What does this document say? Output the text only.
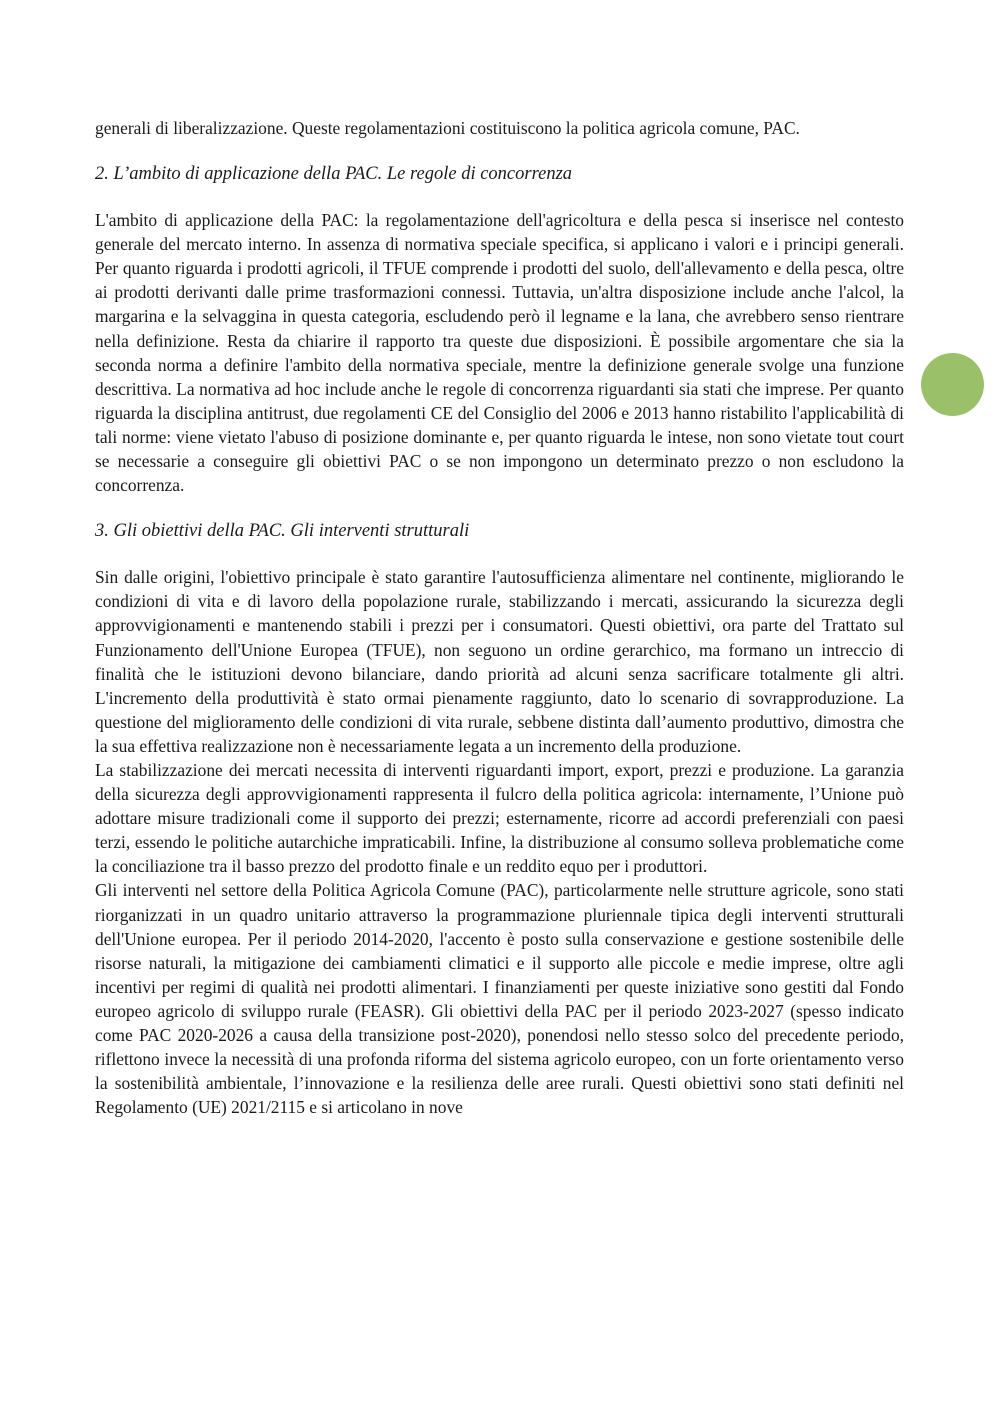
generali di liberalizzazione. Queste regolamentazioni costituiscono la politica agricola comune, PAC.

2. L’ambito di applicazione della PAC. Le regole di concorrenza

L'ambito di applicazione della PAC: la regolamentazione dell'agricoltura e della pesca si inserisce nel contesto generale del mercato interno. In assenza di normativa speciale specifica, si applicano i valori e i principi generali. Per quanto riguarda i prodotti agricoli, il TFUE comprende i prodotti del suolo, dell'allevamento e della pesca, oltre ai prodotti derivanti dalle prime trasformazioni connessi. Tuttavia, un'altra disposizione include anche l'alcol, la margarina e la selvaggina in questa categoria, escludendo però il legname e la lana, che avrebbero senso rientrare nella definizione. Resta da chiarire il rapporto tra queste due disposizioni. È possibile argomentare che sia la seconda norma a definire l'ambito della normativa speciale, mentre la definizione generale svolge una funzione descrittiva. La normativa ad hoc include anche le regole di concorrenza riguardanti sia stati che imprese. Per quanto riguarda la disciplina antitrust, due regolamenti CE del Consiglio del 2006 e 2013 hanno ristabilito l'applicabilità di tali norme: viene vietato l'abuso di posizione dominante e, per quanto riguarda le intese, non sono vietate tout court se necessarie a conseguire gli obiettivi PAC o se non impongono un determinato prezzo o non escludono la concorrenza.

3. Gli obiettivi della PAC. Gli interventi strutturali

Sin dalle origini, l'obiettivo principale è stato garantire l'autosufficienza alimentare nel continente, migliorando le condizioni di vita e di lavoro della popolazione rurale, stabilizzando i mercati, assicurando la sicurezza degli approvvigionamenti e mantenendo stabili i prezzi per i consumatori. Questi obiettivi, ora parte del Trattato sul Funzionamento dell'Unione Europea (TFUE), non seguono un ordine gerarchico, ma formano un intreccio di finalità che le istituzioni devono bilanciare, dando priorità ad alcuni senza sacrificare totalmente gli altri. L'incremento della produttività è stato ormai pienamente raggiunto, dato lo scenario di sovrapproduzione. La questione del miglioramento delle condizioni di vita rurale, sebbene distinta dall’aumento produttivo, dimostra che la sua effettiva realizzazione non è necessariamente legata a un incremento della produzione.

La stabilizzazione dei mercati necessita di interventi riguardanti import, export, prezzi e produzione. La garanzia della sicurezza degli approvvigionamenti rappresenta il fulcro della politica agricola: internamente, l’Unione può adottare misure tradizionali come il supporto dei prezzi; esternamente, ricorre ad accordi preferenziali con paesi terzi, essendo le politiche autarchiche impraticabili. Infine, la distribuzione al consumo solleva problematiche come la conciliazione tra il basso prezzo del prodotto finale e un reddito equo per i produttori.

Gli interventi nel settore della Politica Agricola Comune (PAC), particolarmente nelle strutture agricole, sono stati riorganizzati in un quadro unitario attraverso la programmazione pluriennale tipica degli interventi strutturali dell'Unione europea. Per il periodo 2014-2020, l'accento è posto sulla conservazione e gestione sostenibile delle risorse naturali, la mitigazione dei cambiamenti climatici e il supporto alle piccole e medie imprese, oltre agli incentivi per regimi di qualità nei prodotti alimentari. I finanziamenti per queste iniziative sono gestiti dal Fondo europeo agricolo di sviluppo rurale (FEASR). Gli obiettivi della PAC per il periodo 2023-2027 (spesso indicato come PAC 2020-2026 a causa della transizione post-2020), ponendosi nello stesso solco del precedente periodo, riflettono invece la necessità di una profonda riforma del sistema agricolo europeo, con un forte orientamento verso la sostenibilità ambientale, l’innovazione e la resilienza delle aree rurali. Questi obiettivi sono stati definiti nel Regolamento (UE) 2021/2115 e si articolano in nove
